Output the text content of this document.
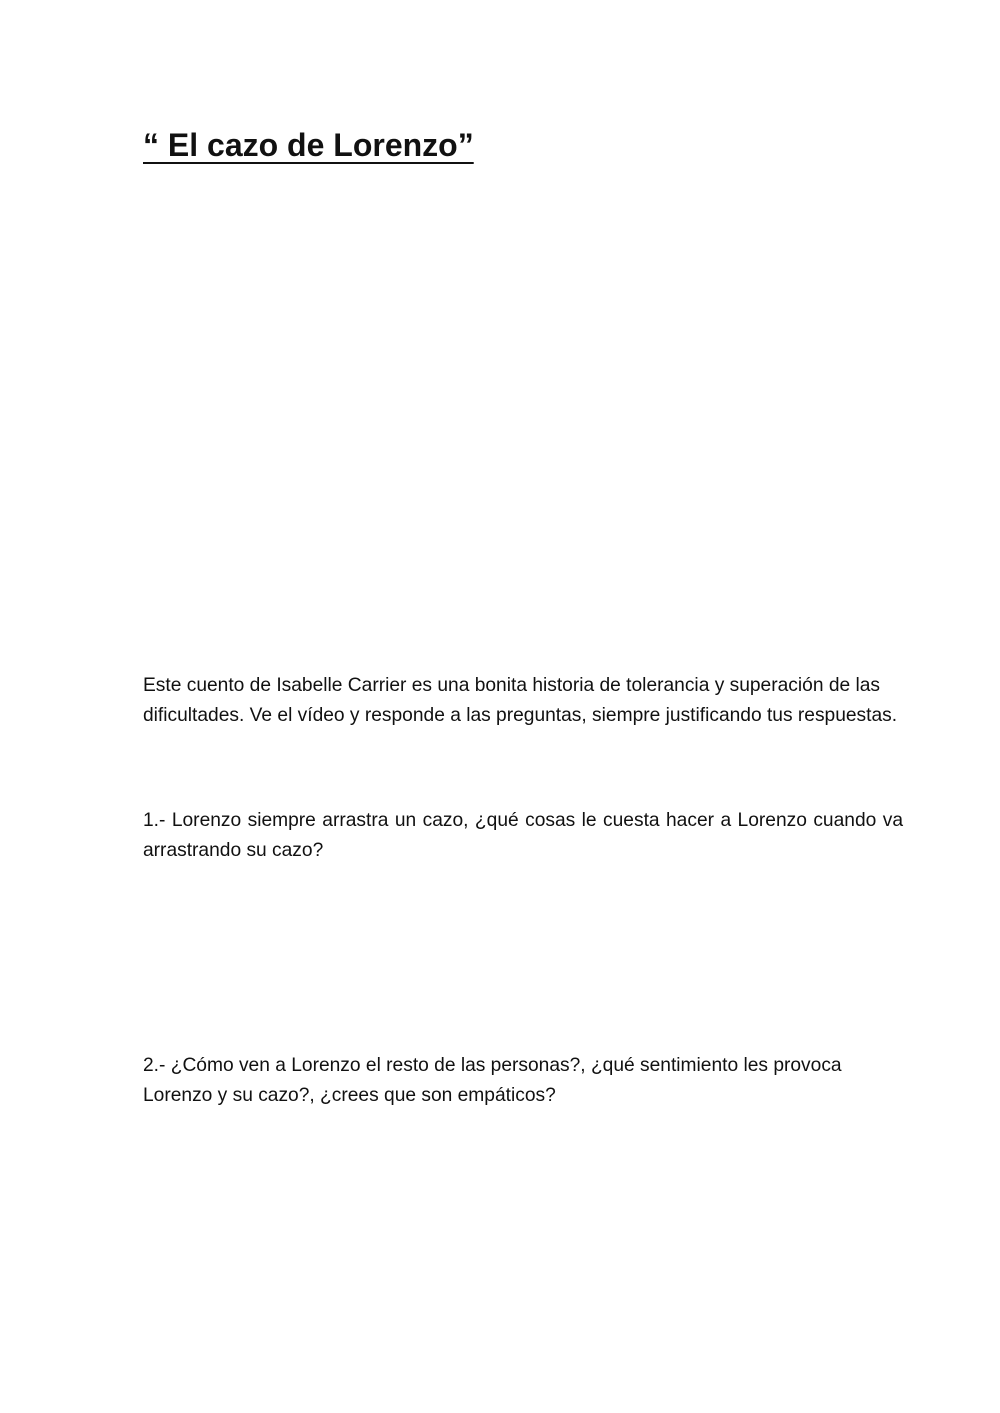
“ El cazo de Lorenzo”

Este cuento de Isabelle Carrier es una bonita historia de tolerancia y superación de las dificultades. Ve el vídeo y responde a las preguntas, siempre justificando tus respuestas.

1.- Lorenzo siempre arrastra un cazo, ¿qué cosas le cuesta hacer a Lorenzo cuando va arrastrando su cazo?

2.- ¿Cómo ven a Lorenzo el resto de las personas?, ¿qué sentimiento les provoca Lorenzo y su cazo?, ¿crees que son empáticos?
